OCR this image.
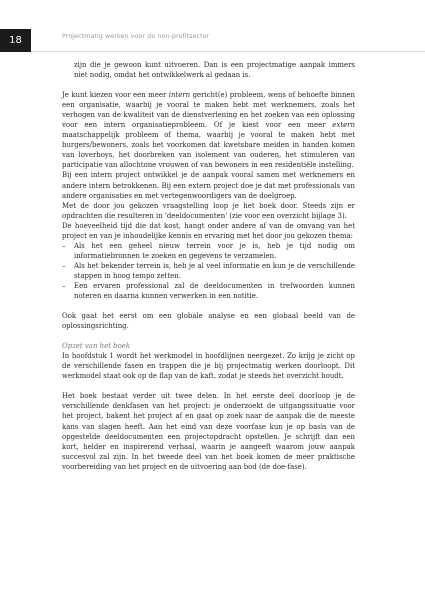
18	Projectmatig werken voor de non-profitsector

zijn die je gewoon kunt uitvoeren. Dan is een projectmatige aanpak immers niet nodig, omdat het ontwikkelwerk al gedaan is.

Je kunt kiezen voor een meer intern gericht(e) probleem, wens of behoefte binnen een organisatie, waarbij je vooral te maken hebt met werknemers, zoals het verhogen van de kwaliteit van de dienstverlening en het zoeken van een oplossing voor een intern organisatieprobleem. Of je kiest voor een meer extern maatschappelijk probleem of thema, waarbij je vooral te maken hebt met burgers/bewoners, zoals het voorkomen dat kwetsbare meiden in handen komen van loverboys, het doorbreken van isolement van ouderen, het stimuleren van participatie van allochtone vrouwen of van bewoners in een residentiële instelling.

Bij een intern project ontwikkel je de aanpak vooral samen met werknemers en andere intern betrokkenen. Bij een extern project doe je dat met professionals van andere organisaties en met vertegenwoordigers van de doelgroep.

Met de door jou gekozen vraagstelling loop je het boek door. Steeds zijn er opdrachten die resulteren in 'deeldocumenten' (zie voor een overzicht bijlage 3).

De hoeveelheid tijd die dat kost, hangt onder andere af van de omvang van het project en van je inhoudelijke kennis en ervaring met het door jou gekozen thema:

–	Als het een geheel nieuw terrein voor je is, heb je tijd nodig om informatiebronnen te zoeken en gegevens te verzamelen.
–	Als het bekender terrein is, heb je al veel informatie en kun je de verschillende stappen in hoog tempo zetten.
–	Een ervaren professional zal de deeldocumenten in trefwoorden kunnen noteren en daarna kunnen verwerken in een notitie.

Ook gaat het eerst om een globale analyse en een globaal beeld van de oplossingsrichting.

Opzet van het boek

In hoofdstuk 1 wordt het werkmodel in hoofdlijnen neergezet. Zo krijg je zicht op de verschillende fasen en trappen die je bij projectmatig werken doorloopt. Dit werkmodel staat ook op de flap van de kaft, zodat je steeds het overzicht houdt.

Het boek bestaat verder uit twee delen. In het eerste deel doorloop je de verschillende denkfasen van het project: je onderzoekt de uitgangssituatie voor het project, bakent het project af en gaat op zoek naar de aanpak die de meeste kans van slagen heeft. Aan het eind van deze voorfase kun je op basis van de opgestelde deeldocumenten een projectopdracht opstellen. Je schrijft dan een kort, helder en inspirerend verhaal, waarin je aangeeft waarom jouw aanpak succesvol zal zijn. In het tweede deel van het boek komen de meer praktische voorbereiding van het project en de uitvoering aan bod (de doe-fase).
